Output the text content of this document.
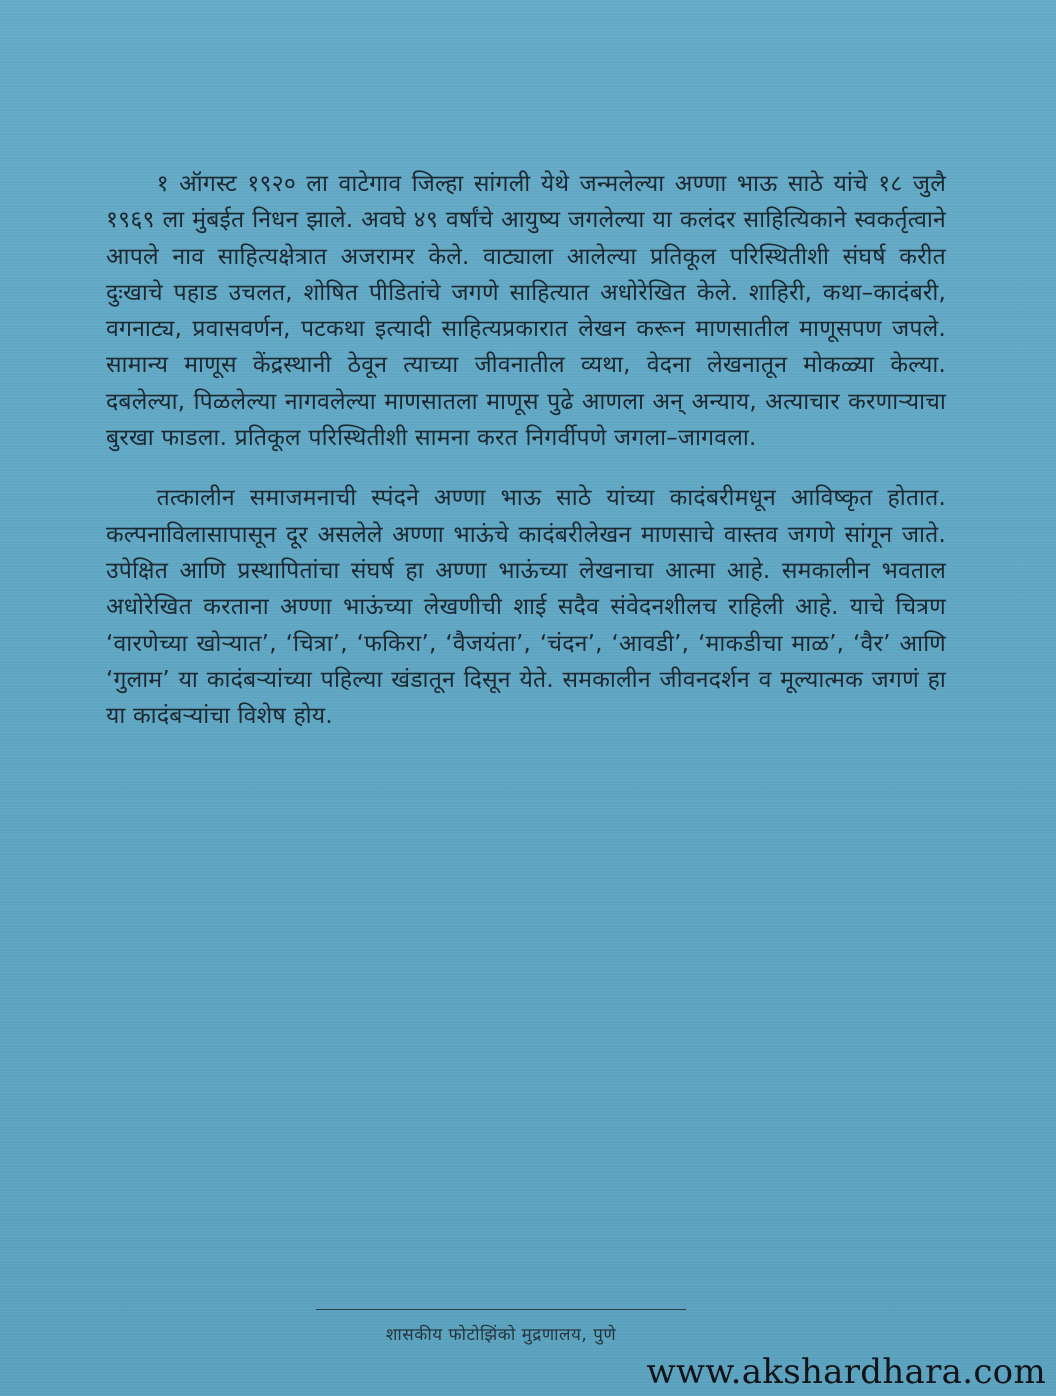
१ ऑगस्ट १९२० ला वाटेगाव जिल्हा सांगली येथे जन्मलेल्या अण्णा भाऊ साठे यांचे १८ जुलै १९६९ ला मुंबईत निधन झाले. अवघे ४९ वर्षांचे आयुष्य जगलेल्या या कलंदर साहित्यिकाने स्वकर्तृत्वाने आपले नाव साहित्यक्षेत्रात अजरामर केले. वाट्याला आलेल्या प्रतिकूल परिस्थितीशी संघर्ष करीत दुःखाचे पहाड उचलत, शोषित पीडितांचे जगणे साहित्यात अधोरेखित केले. शाहिरी, कथा–कादंबरी, वगनाट्य, प्रवासवर्णन, पटकथा इत्यादी साहित्यप्रकारात लेखन करून माणसातील माणूसपण जपले. सामान्य माणूस केंद्रस्थानी ठेवून त्याच्या जीवनातील व्यथा, वेदना लेखनातून मोकळ्या केल्या. दबलेल्या, पिळलेल्या नागवलेल्या माणसातला माणूस पुढे आणला अन् अन्याय, अत्याचार करणाऱ्याचा बुरखा फाडला. प्रतिकूल परिस्थितीशी सामना करत निगर्वीपणे जगला–जागवला.

तत्कालीन समाजमनाची स्पंदने अण्णा भाऊ साठे यांच्या कादंबरीमधून आविष्कृत होतात. कल्पनाविलासापासून दूर असलेले अण्णा भाऊंचे कादंबरीलेखन माणसाचे वास्तव जगणे सांगून जाते. उपेक्षित आणि प्रस्थापितांचा संघर्ष हा अण्णा भाऊंच्या लेखनाचा आत्मा आहे. समकालीन भवताल अधोरेखित करताना अण्णा भाऊंच्या लेखणीची शाई सदैव संवेदनशीलच राहिली आहे. याचे चित्रण ‘वारणेच्या खोऱ्यात’, ‘चित्रा’, ‘फकिरा’, ‘वैजयंता’, ‘चंदन’, ‘आवडी’, ‘माकडीचा माळ’, ‘वैर’ आणि ‘गुलाम’ या कादंबऱ्यांच्या पहिल्या खंडातून दिसून येते. समकालीन जीवनदर्शन व मूल्यात्मक जगणं हा या कादंबऱ्यांचा विशेष होय.

शासकीय फोटोझिंको मुद्रणालय, पुणे
www.akshardhara.com
